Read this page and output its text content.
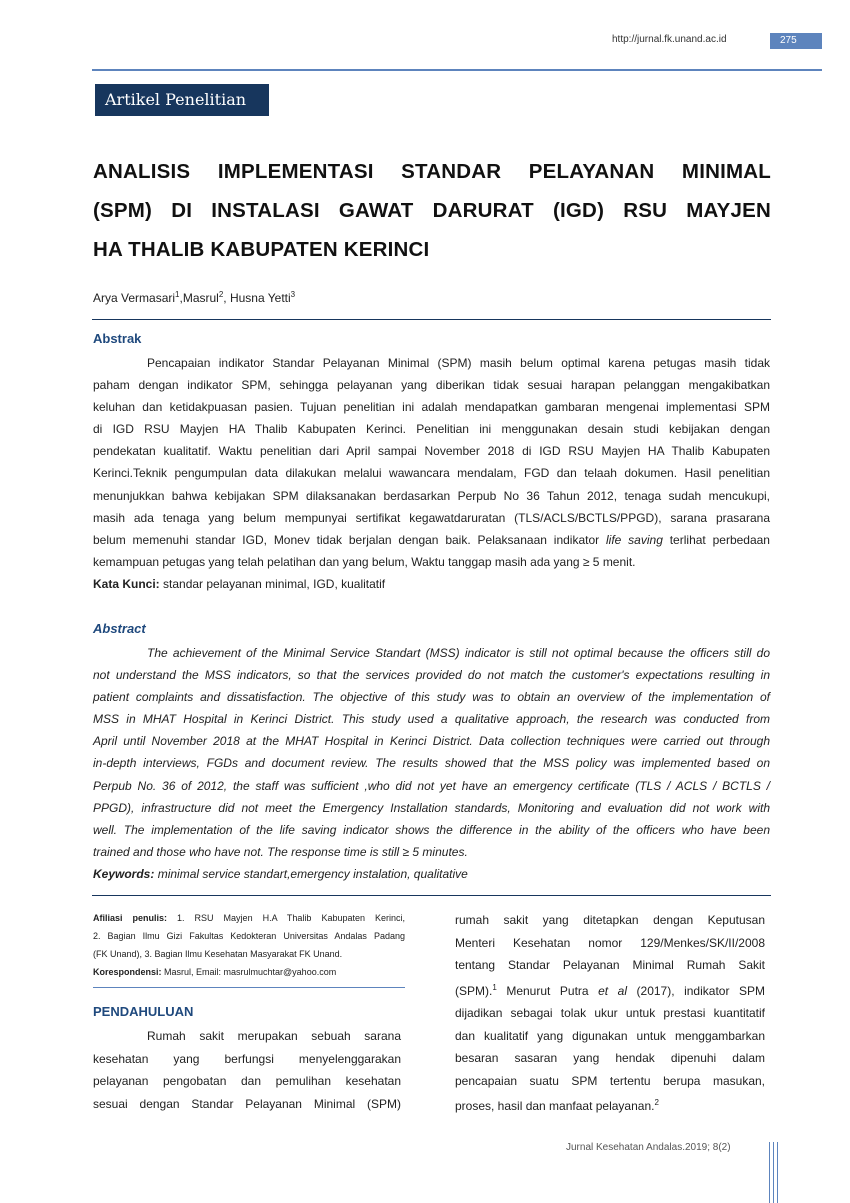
http://jurnal.fk.unand.ac.id	275
Artikel Penelitian
ANALISIS IMPLEMENTASI STANDAR PELAYANAN MINIMAL
(SPM) DI INSTALASI GAWAT DARURAT (IGD) RSU MAYJEN
HA THALIB KABUPATEN KERINCI
Arya Vermasari$^1$,Masrul$^2$, Husna Yetti$^3$
Abstrak
Pencapaian indikator Standar Pelayanan Minimal (SPM) masih belum optimal karena petugas masih tidak
paham dengan indikator SPM, sehingga pelayanan yang diberikan tidak sesuai harapan pelanggan mengakibatkan
keluhan dan ketidakpuasan pasien. Tujuan penelitian ini adalah mendapatkan gambaran mengenai implementasi SPM
di IGD RSU Mayjen HA Thalib Kabupaten Kerinci. Penelitian ini menggunakan desain studi kebijakan dengan
pendekatan kualitatif. Waktu penelitian dari April sampai November 2018 di IGD RSU Mayjen HA Thalib Kabupaten
Kerinci.Teknik pengumpulan data dilakukan melalui wawancara mendalam, FGD dan telaah dokumen. Hasil penelitian
menunjukkan bahwa kebijakan SPM dilaksanakan berdasarkan Perpub No 36 Tahun 2012, tenaga sudah mencukupi,
masih ada tenaga yang belum mempunyai sertifikat kegawatdaruratan (TLS/ACLS/BCTLS/PPGD), sarana prasarana
belum memenuhi standar IGD, Monev tidak berjalan dengan baik. Pelaksanaan indikator life saving terlihat perbedaan
kemampuan petugas yang telah pelatihan dan yang belum, Waktu tanggap masih ada yang ≥ 5 menit.
Kata Kunci: standar pelayanan minimal, IGD, kualitatif
Abstract
The achievement of the Minimal Service Standart (MSS) indicator is still not optimal because the officers still do
not understand the MSS indicators, so that the services provided do not match the customer's expectations resulting in
patient complaints and dissatisfaction. The objective of this study was to obtain an overview of the implementation of
MSS in MHAT Hospital in Kerinci District. This study used a qualitative approach, the research was conducted from
April until November 2018 at the MHAT Hospital in Kerinci District. Data collection techniques were carried out through
in-depth interviews, FGDs and document review. The results showed that the MSS policy was implemented based on
Perpub No. 36 of 2012, the staff was sufficient ,who did not yet have an emergency certificate (TLS / ACLS / BCTLS /
PPGD), infrastructure did not meet the Emergency Installation standards, Monitoring and evaluation did not work with
well. The implementation of the life saving indicator shows the difference in the ability of the officers who have been
trained and those who have not. The response time is still ≥ 5 minutes.
Keywords: minimal service standart,emergency instalation, qualitative
Afiliasi penulis: 1. RSU Mayjen H.A Thalib Kabupaten Kerinci,
2. Bagian Ilmu Gizi Fakultas Kedokteran Universitas Andalas Padang
(FK Unand), 3. Bagian Ilmu Kesehatan Masyarakat FK Unand.
Korespondensi: Masrul, Email: masrulmuchtar@yahoo.com
PENDAHULUAN
Rumah sakit merupakan sebuah sarana
kesehatan yang berfungsi menyelenggarakan
pelayanan pengobatan dan pemulihan kesehatan
sesuai dengan Standar Pelayanan Minimal (SPM)
rumah sakit yang ditetapkan dengan Keputusan
Menteri Kesehatan nomor 129/Menkes/SK/II/2008
tentang Standar Pelayanan Minimal Rumah Sakit
(SPM).$^1$ Menurut Putra et al (2017), indikator SPM
dijadikan sebagai tolak ukur untuk prestasi kuantitatif
dan kualitatif yang digunakan untuk menggambarkan
besaran sasaran yang hendak dipenuhi dalam
pencapaian suatu SPM tertentu berupa masukan,
proses, hasil dan manfaat pelayanan.$^2$
Jurnal Kesehatan Andalas.2019; 8(2)
